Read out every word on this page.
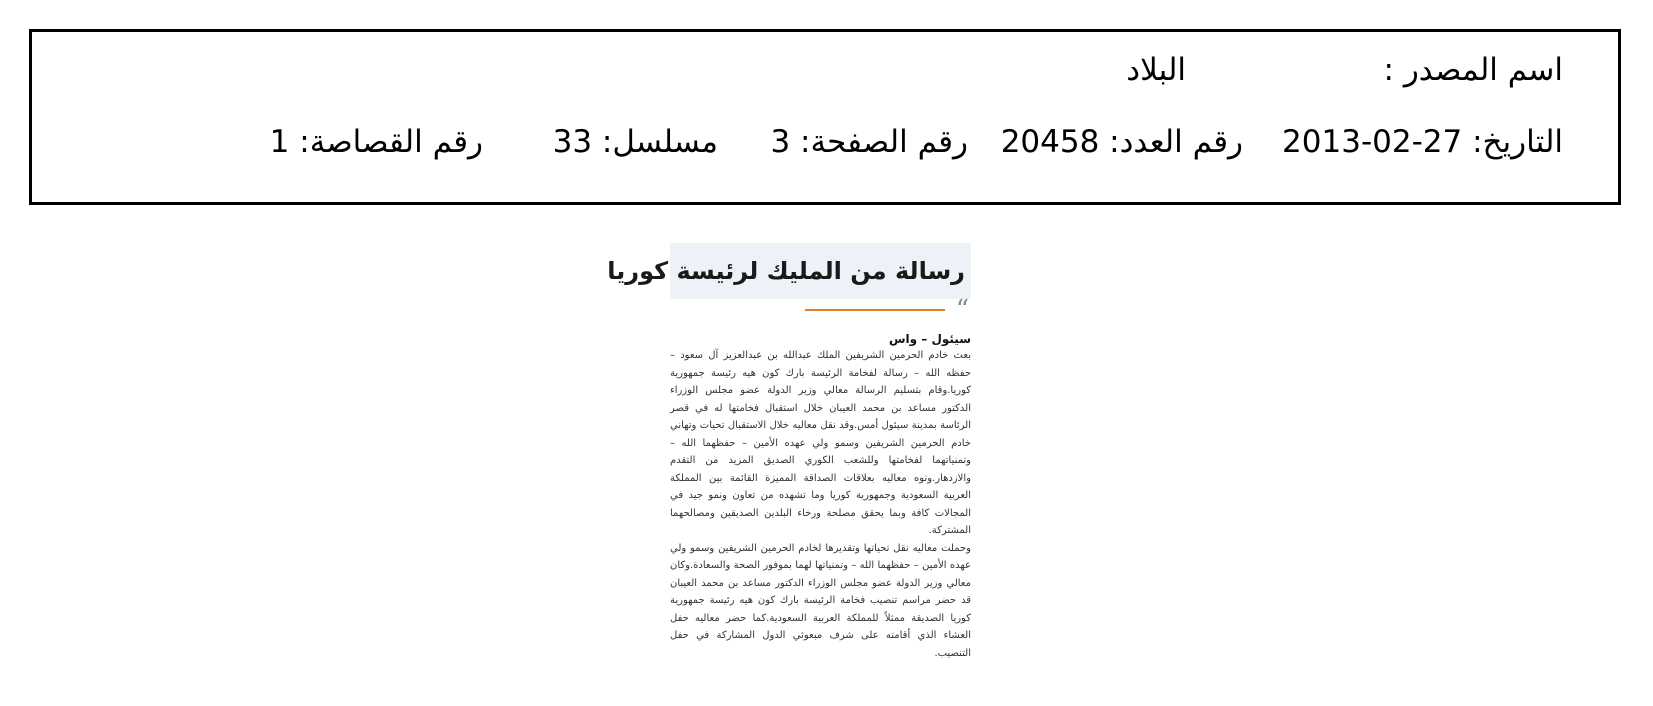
اسم المصدر :
البلاد
التاريخ: 27-02-2013
رقم العدد: 20458
رقم الصفحة: 3
مسلسل: 33
رقم القصاصة: 1
رسالة من المليك لرئيسة كوريا
“
سيئول – واس

بعث خادم الحرمين الشريفين الملك عبدالله بن عبدالعزيز آل سعود – حفظه الله – رسالة لفخامة الرئيسة بارك كون هيه رئيسة جمهورية كوريا.وقام بتسليم الرسالة معالي وزير الدولة عضو مجلس الوزراء الدكتور مساعد بن محمد العيبان خلال استقبال فخامتها له في قصر الرئاسة بمدينة سيئول أمس.وقد نقل معاليه خلال الاستقبال تحيات وتهاني خادم الحرمين الشريفين وسمو ولي عهده الأمين – حفظهما الله – وتمنياتهما لفخامتها وللشعب الكوري الصديق المزيد من التقدم والازدهار.ونوه معاليه بعلاقات الصداقة المميزة القائمة بين المملكة العربية السعودية وجمهورية كوريا وما تشهده من تعاون ونمو جيد في المجالات كافة وبما يحقق مصلحة ورخاء البلدين الصديقين ومصالحهما المشتركة.

وحملت معاليه نقل تحياتها وتقديرها لخادم الحرمين الشريفين وسمو ولي عهده الأمين – حفظهما الله – وتمنياتها لهما بموفور الصحة والسعادة.وكان معالي وزير الدولة عضو مجلس الوزراء الدكتور مساعد بن محمد العيبان قد حضر مراسم تنصيب فخامة الرئيسة بارك كون هيه رئيسة جمهورية كوريا الصديقة ممثلاً للمملكة العربية السعودية.كما حضر معاليه حفل العشاء الذي أقامته على شرف مبعوثي الدول المشاركة في حفل التنصيب.
